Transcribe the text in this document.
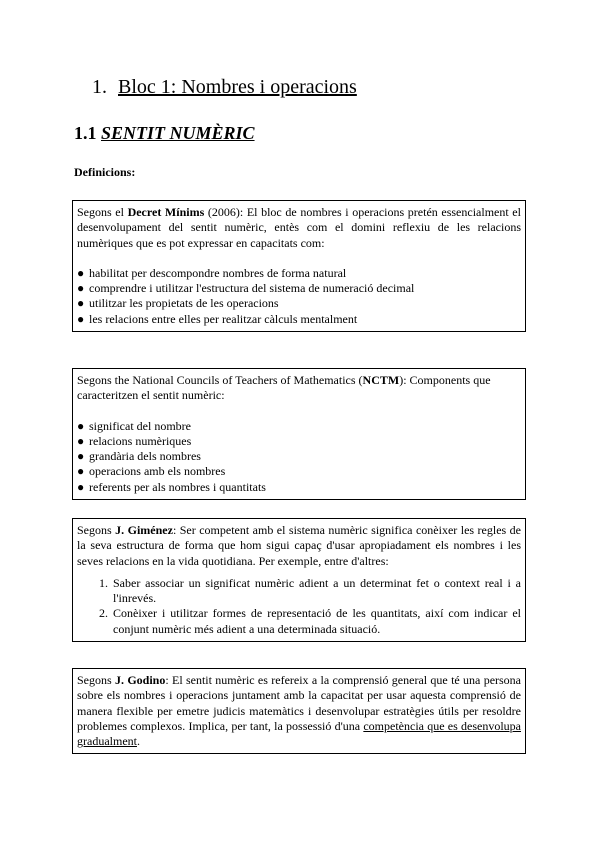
1. Bloc 1: Nombres i operacions
1.1 SENTIT NUMÈRIC
Definicions:

Segons el Decret Mínims (2006): El bloc de nombres i operacions pretén essencialment el desenvolupament del sentit numèric, entès com el domini reflexiu de les relacions numèriques que es pot expressar en capacitats com:

● habilitat per descompondre nombres de forma natural
● comprendre i utilitzar l'estructura del sistema de numeració decimal
● utilitzar les propietats de les operacions
● les relacions entre elles per realitzar càlculs mentalment

Segons the National Councils of Teachers of Mathematics (NCTM): Components que caracteritzen el sentit numèric:

● significat del nombre
● relacions numèriques
● grandària dels nombres
● operacions amb els nombres
● referents per als nombres i quantitats

Segons J. Giménez: Ser competent amb el sistema numèric significa conèixer les regles de la seva estructura de forma que hom sigui capaç d'usar apropiadament els nombres i les seves relacions en la vida quotidiana. Per exemple, entre d'altres:

1. Saber associar un significat numèric adient a un determinat fet o context real i a l'inrevés.
2. Conèixer i utilitzar formes de representació de les quantitats, així com indicar el conjunt numèric més adient a una determinada situació.

Segons J. Godino: El sentit numèric es refereix a la comprensió general que té una persona sobre els nombres i operacions juntament amb la capacitat per usar aquesta comprensió de manera flexible per emetre judicis matemàtics i desenvolupar estratègies útils per resoldre problemes complexos. Implica, per tant, la possessió d'una competència que es desenvolupa gradualment.
